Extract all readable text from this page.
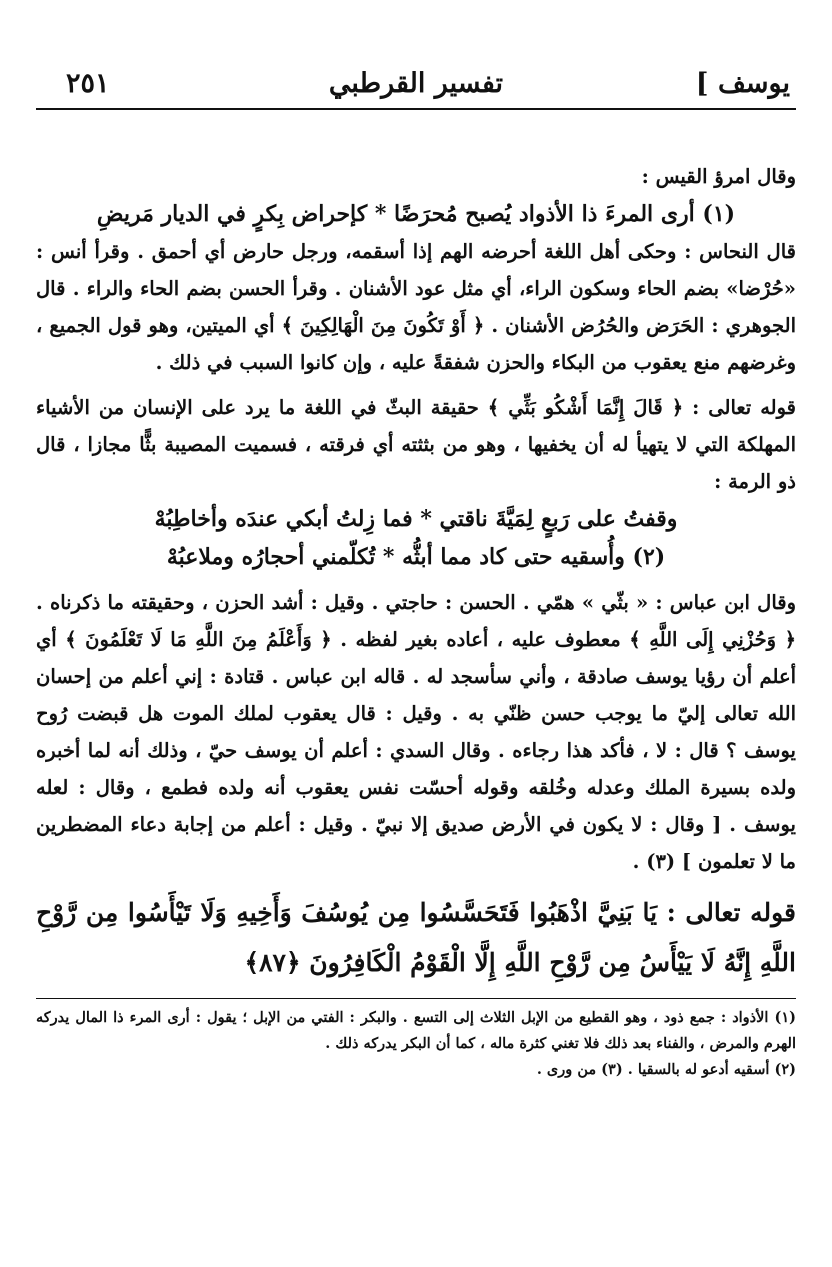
يوسف ]
تفسير القرطبي
٢٥١

وقال امرؤ القيس :

(١) أرى المرءَ ذا الأذواد يُصبح مُحرَضًا * كإحراض بِكرٍ في الديار مَريضِ

قال النحاس : وحكى أهل اللغة أحرضه الهم إذا أسقمه، ورجل حارض أي أحمق . وقرأ أنس : «حُرْضا» بضم الحاء وسكون الراء، أي مثل عود الأشنان . وقرأ الحسن بضم الحاء والراء . قال الجوهري : الحَرَض والحُرُض الأشنان . ﴿ أَوْ تَكُونَ مِنَ الْهَالِكِينَ ﴾ أي الميتين، وهو قول الجميع ، وغرضهم منع يعقوب من البكاء والحزن شفقةً عليه ، وإن كانوا السبب في ذلك .

قوله تعالى : ﴿ قَالَ إِنَّمَا أَشْكُو بَثِّي ﴾ حقيقة البثّ في اللغة ما يرد على الإنسان من الأشياء المهلكة التي لا يتهيأ له أن يخفيها ، وهو من بثثته أي فرقته ، فسميت المصيبة بثًّا مجازا ، قال ذو الرمة :

وقفتُ على رَبعٍ لِمَيَّةَ ناقتي * فما زِلتُ أبكي عندَه وأخاطِبُهْ

(٢) وأُسقيه حتى كاد مما أبثُّه * تُكلّمني أحجارُه وملاعبُهْ

وقال ابن عباس : « بثّي » همّي . الحسن : حاجتي . وقيل : أشد الحزن ، وحقيقته ما ذكرناه . ﴿ وَحُزْنِي إِلَى اللَّهِ ﴾ معطوف عليه ، أعاده بغير لفظه . ﴿ وَأَعْلَمُ مِنَ اللَّهِ مَا لَا تَعْلَمُونَ ﴾ أي أعلم أن رؤيا يوسف صادقة ، وأني سأسجد له . قاله ابن عباس . قتادة : إني أعلم من إحسان الله تعالى إليّ ما يوجب حسن ظنّي به . وقيل : قال يعقوب لملك الموت هل قبضت رُوح يوسف ؟ قال : لا ، فأكد هذا رجاءه . وقال السدي : أعلم أن يوسف حيّ ، وذلك أنه لما أخبره ولده بسيرة الملك وعدله وخُلقه وقوله أحسّت نفس يعقوب أنه ولده فطمع ، وقال : لعله يوسف . [ وقال : لا يكون في الأرض صديق إلا نبيّ . وقيل : أعلم من إجابة دعاء المضطرين ما لا تعلمون ] (٣) .

قوله تعالى : يَا بَنِيَّ اذْهَبُوا فَتَحَسَّسُوا مِن يُوسُفَ وَأَخِيهِ وَلَا تَيْأَسُوا مِن رَّوْحِ اللَّهِ إِنَّهُ لَا يَيْأَسُ مِن رَّوْحِ اللَّهِ إِلَّا الْقَوْمُ الْكَافِرُونَ ﴿٨٧﴾

(١) الأذواد : جمع ذود ، وهو القطيع من الإبل الثلاث إلى التسع . والبكر : الفتي من الإبل ؛ يقول : أرى المرء ذا المال يدركه الهرم والمرض ، والفناء بعد ذلك فلا تغني كثرة ماله ، كما أن البكر يدركه ذلك .

(٢) أسقيه أدعو له بالسقيا . (٣) من ورى .
